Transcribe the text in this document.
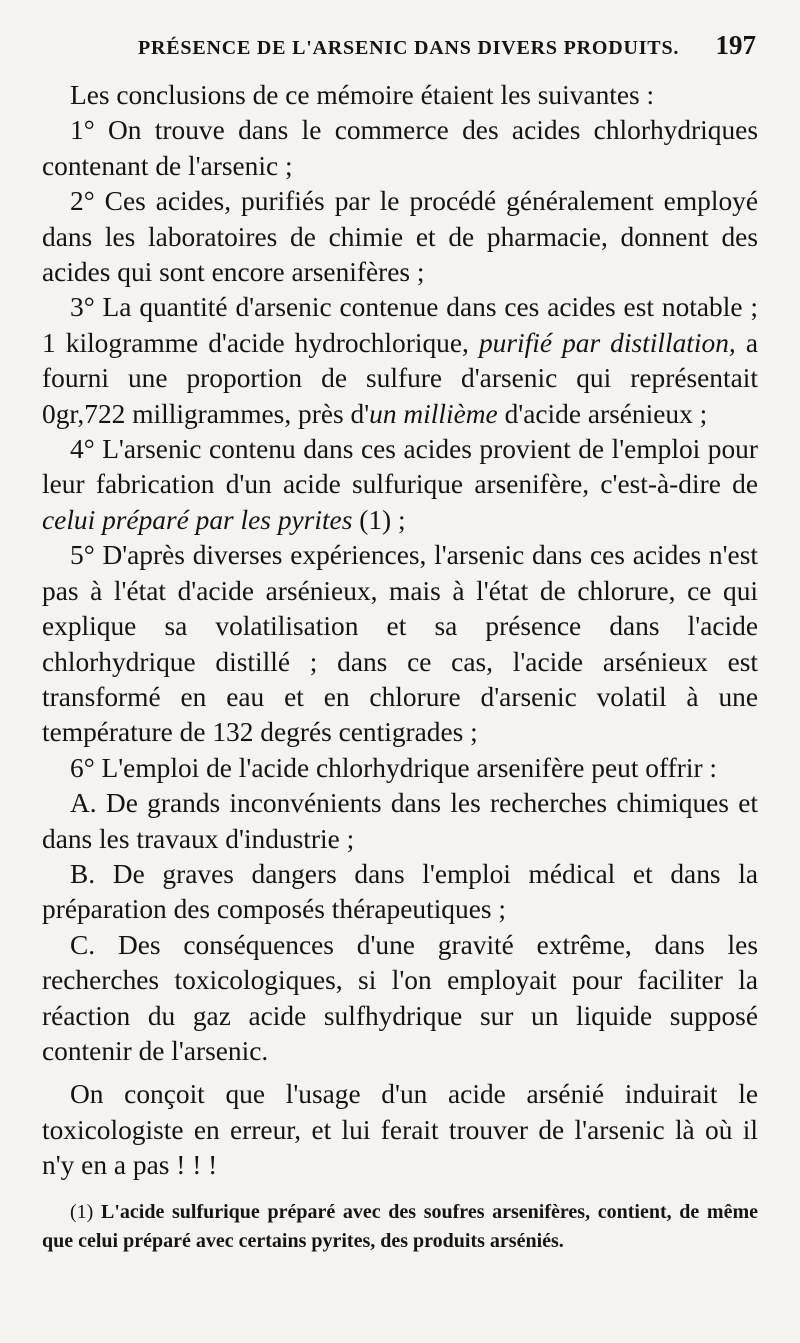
PRÉSENCE DE L'ARSENIC DANS DIVERS PRODUITS. 197

Les conclusions de ce mémoire étaient les suivantes :

1° On trouve dans le commerce des acides chlorhydriques contenant de l'arsenic ;

2° Ces acides, purifiés par le procédé généralement employé dans les laboratoires de chimie et de pharmacie, donnent des acides qui sont encore arsenifères ;

3° La quantité d'arsenic contenue dans ces acides est notable ; 1 kilogramme d'acide hydrochlorique, purifié par distillation, a fourni une proportion de sulfure d'arsenic qui représentait 0gr,722 milligrammes, près d'un millième d'acide arsénieux ;

4° L'arsenic contenu dans ces acides provient de l'emploi pour leur fabrication d'un acide sulfurique arsenifère, c'est-à-dire de celui préparé par les pyrites (1) ;

5° D'après diverses expériences, l'arsenic dans ces acides n'est pas à l'état d'acide arsénieux, mais à l'état de chlorure, ce qui explique sa volatilisation et sa présence dans l'acide chlorhydrique distillé ; dans ce cas, l'acide arsénieux est transformé en eau et en chlorure d'arsenic volatil à une température de 132 degrés centigrades ;

6° L'emploi de l'acide chlorhydrique arsenifère peut offrir :

A. De grands inconvénients dans les recherches chimiques et dans les travaux d'industrie ;

B. De graves dangers dans l'emploi médical et dans la préparation des composés thérapeutiques ;

C. Des conséquences d'une gravité extrême, dans les recherches toxicologiques, si l'on employait pour faciliter la réaction du gaz acide sulfhydrique sur un liquide supposé contenir de l'arsenic.

On conçoit que l'usage d'un acide arsénié induirait le toxicologiste en erreur, et lui ferait trouver de l'arsenic là où il n'y en a pas ! ! !

(1) L'acide sulfurique préparé avec des soufres arsenifères, contient, de même que celui préparé avec certains pyrites, des produits arséniés.
